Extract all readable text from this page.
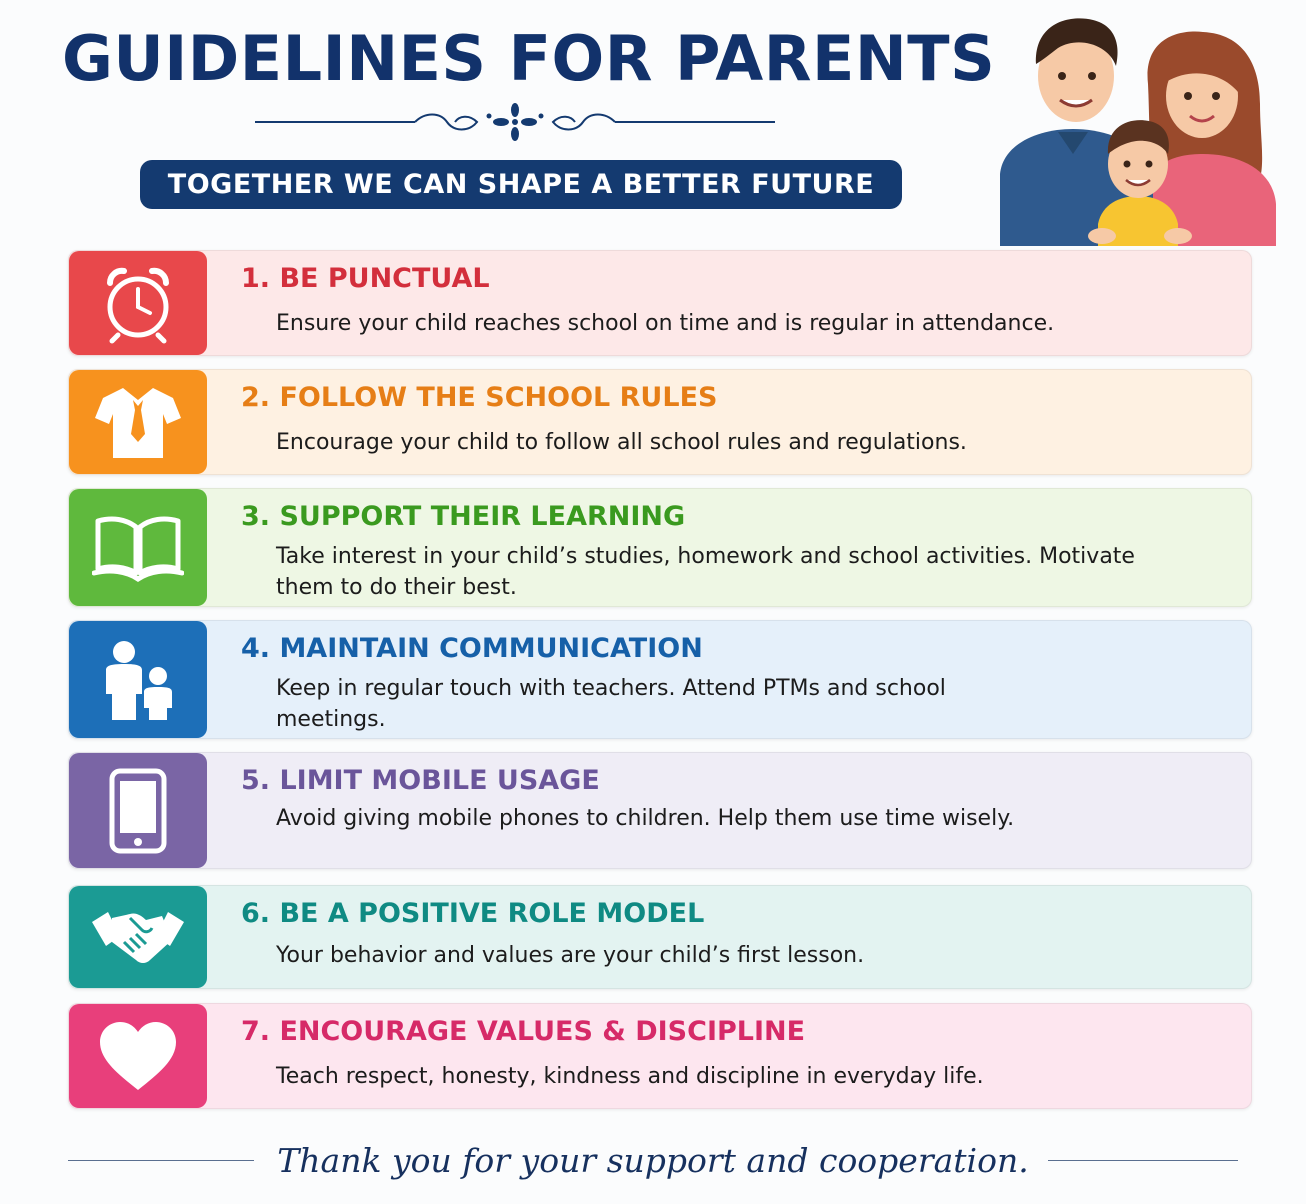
GUIDELINES FOR PARENTS
TOGETHER WE CAN SHAPE A BETTER FUTURE
1. BE PUNCTUAL
Ensure your child reaches school on time and is regular in attendance.
2. FOLLOW THE SCHOOL RULES
Encourage your child to follow all school rules and regulations.
3. SUPPORT THEIR LEARNING
Take interest in your child’s studies, homework and school activities. Motivate them to do their best.
4. MAINTAIN COMMUNICATION
Keep in regular touch with teachers. Attend PTMs and school meetings.
5. LIMIT MOBILE USAGE
Avoid giving mobile phones to children. Help them use time wisely.
6. BE A POSITIVE ROLE MODEL
Your behavior and values are your child’s first lesson.
7. ENCOURAGE VALUES & DISCIPLINE
Teach respect, honesty, kindness and discipline in everyday life.
Thank you for your support and cooperation.
